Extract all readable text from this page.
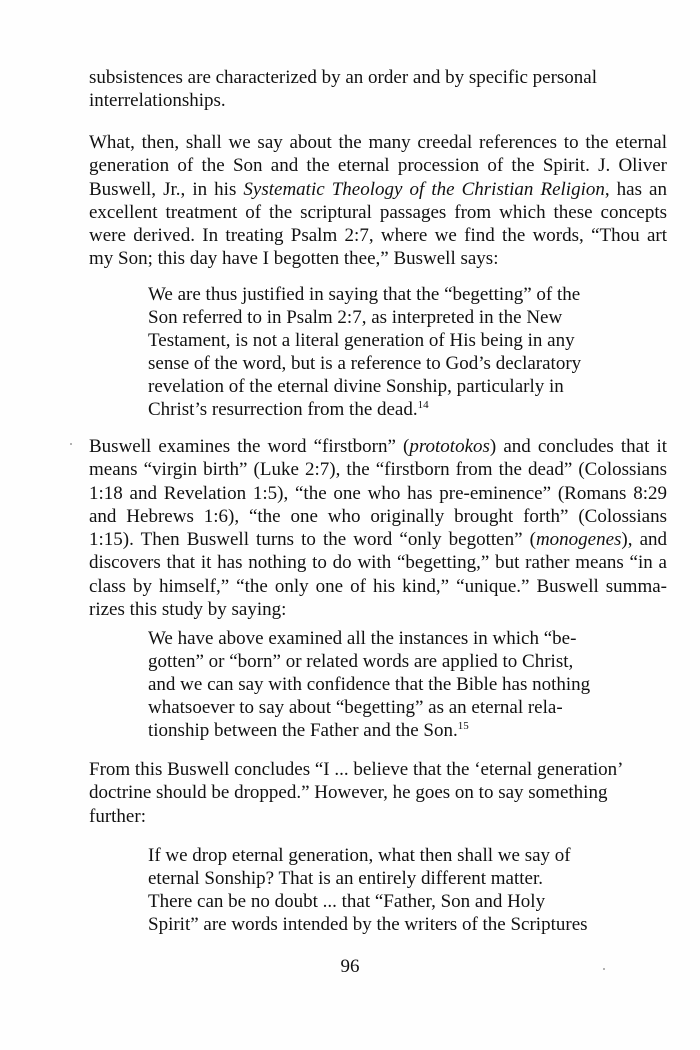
subsistences are characterized by an order and by specific personal
interrelationships.
What, then, shall we say about the many creedal references to the eternal
generation of the Son and the eternal procession of the Spirit. J. Oliver
Buswell, Jr., in his Systematic Theology of the Christian Religion, has an
excellent treatment of the scriptural passages from which these concepts
were derived. In treating Psalm 2:7, where we find the words, “Thou art
my Son; this day have I begotten thee,” Buswell says:
We are thus justified in saying that the “begetting” of the
Son referred to in Psalm 2:7, as interpreted in the New
Testament, is not a literal generation of His being in any
sense of the word, but is a reference to God’s declaratory
revelation of the eternal divine Sonship, particularly in
Christ’s resurrection from the dead.$^{14}$
Buswell examines the word “firstborn” (prototokos) and concludes that it
means “virgin birth” (Luke 2:7), the “firstborn from the dead” (Colossians
1:18 and Revelation 1:5), “the one who has pre-eminence” (Romans 8:29
and Hebrews 1:6), “the one who originally brought forth” (Colossians
1:15). Then Buswell turns to the word “only begotten” (monogenes), and
discovers that it has nothing to do with “begetting,” but rather means “in a
class by himself,” “the only one of his kind,” “unique.” Buswell summa-
rizes this study by saying:
We have above examined all the instances in which “be-
gotten” or “born” or related words are applied to Christ,
and we can say with confidence that the Bible has nothing
whatsoever to say about “begetting” as an eternal rela-
tionship between the Father and the Son.$^{15}$
From this Buswell concludes “I ... believe that the ‘eternal generation’
doctrine should be dropped.” However, he goes on to say something
further:
If we drop eternal generation, what then shall we say of
eternal Sonship? That is an entirely different matter.
There can be no doubt ... that “Father, Son and Holy
Spirit” are words intended by the writers of the Scriptures
96
